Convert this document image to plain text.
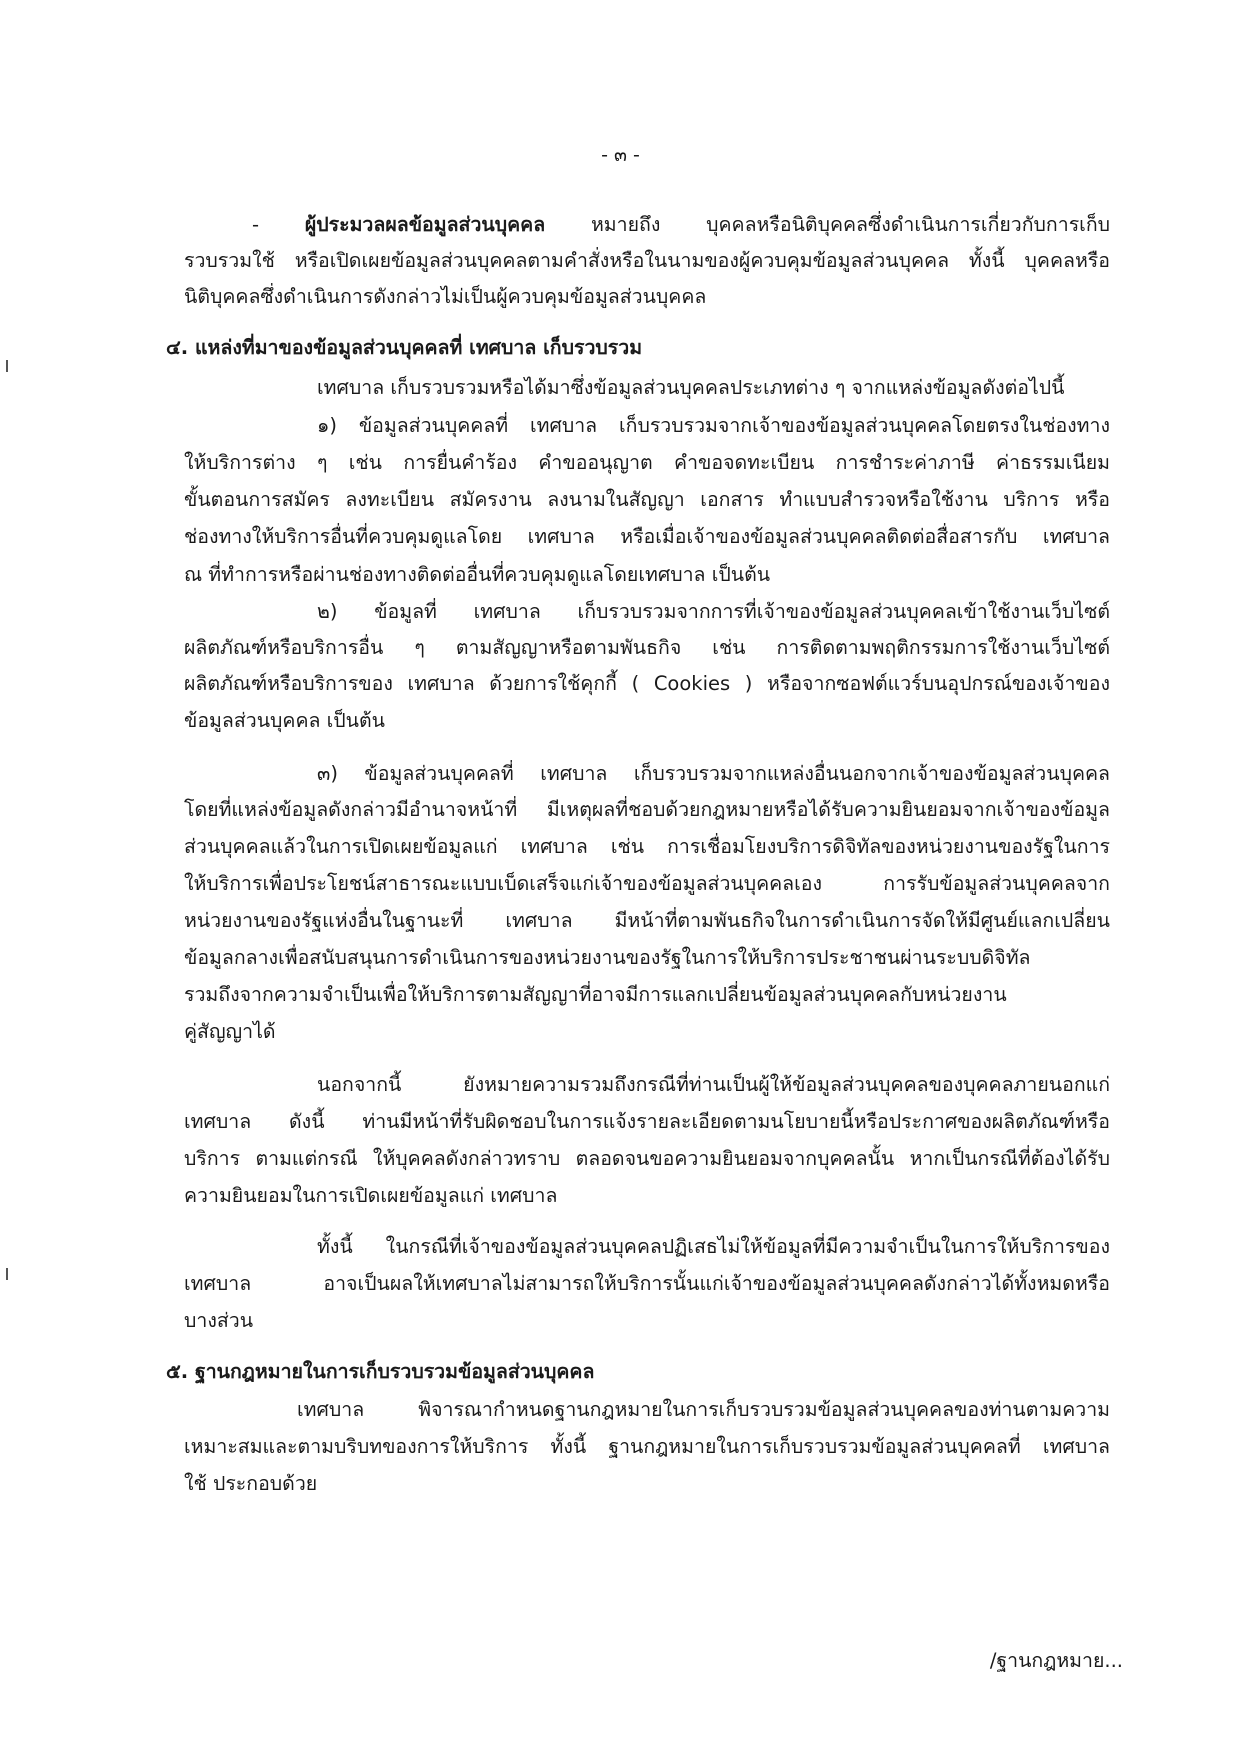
- ๓ -
- ผู้ประมวลผลข้อมูลส่วนบุคคล หมายถึง บุคคลหรือนิติบุคคลซึ่งดำเนินการเกี่ยวกับการเก็บ
รวบรวมใช้ หรือเปิดเผยข้อมูลส่วนบุคคลตามคำสั่งหรือในนามของผู้ควบคุมข้อมูลส่วนบุคคล ทั้งนี้ บุคคลหรือ
นิติบุคคลซึ่งดำเนินการดังกล่าวไม่เป็นผู้ควบคุมข้อมูลส่วนบุคคล
๔. แหล่งที่มาของข้อมูลส่วนบุคคลที่ เทศบาล เก็บรวบรวม
เทศบาล เก็บรวบรวมหรือได้มาซึ่งข้อมูลส่วนบุคคลประเภทต่าง ๆ จากแหล่งข้อมูลดังต่อไปนี้
๑) ข้อมูลส่วนบุคคลที่ เทศบาล เก็บรวบรวมจากเจ้าของข้อมูลส่วนบุคคลโดยตรงในช่องทาง
ให้บริการต่าง ๆ เช่น การยื่นคำร้อง คำขออนุญาต คำขอจดทะเบียน การชำระค่าภาษี ค่าธรรมเนียม
ขั้นตอนการสมัคร ลงทะเบียน สมัครงาน ลงนามในสัญญา เอกสาร ทำแบบสำรวจหรือใช้งาน บริการ หรือ
ช่องทางให้บริการอื่นที่ควบคุมดูแลโดย เทศบาล หรือเมื่อเจ้าของข้อมูลส่วนบุคคลติดต่อสื่อสารกับ เทศบาล
ณ ที่ทำการหรือผ่านช่องทางติดต่ออื่นที่ควบคุมดูแลโดยเทศบาล เป็นต้น
๒) ข้อมูลที่ เทศบาล เก็บรวบรวมจากการที่เจ้าของข้อมูลส่วนบุคคลเข้าใช้งานเว็บไซต์
ผลิตภัณฑ์หรือบริการอื่น ๆ ตามสัญญาหรือตามพันธกิจ เช่น การติดตามพฤติกรรมการใช้งานเว็บไซต์
ผลิตภัณฑ์หรือบริการของ เทศบาล ด้วยการใช้คุกกี้ ( Cookies ) หรือจากซอฟต์แวร์บนอุปกรณ์ของเจ้าของ
ข้อมูลส่วนบุคคล เป็นต้น
๓) ข้อมูลส่วนบุคคลที่ เทศบาล เก็บรวบรวมจากแหล่งอื่นนอกจากเจ้าของข้อมูลส่วนบุคคล
โดยที่แหล่งข้อมูลดังกล่าวมีอำนาจหน้าที่ มีเหตุผลที่ชอบด้วยกฎหมายหรือได้รับความยินยอมจากเจ้าของข้อมูล
ส่วนบุคคลแล้วในการเปิดเผยข้อมูลแก่ เทศบาล เช่น การเชื่อมโยงบริการดิจิทัลของหน่วยงานของรัฐในการ
ให้บริการเพื่อประโยชน์สาธารณะแบบเบ็ดเสร็จแก่เจ้าของข้อมูลส่วนบุคคลเอง การรับข้อมูลส่วนบุคคลจาก
หน่วยงานของรัฐแห่งอื่นในฐานะที่ เทศบาล มีหน้าที่ตามพันธกิจในการดำเนินการจัดให้มีศูนย์แลกเปลี่ยน
ข้อมูลกลางเพื่อสนับสนุนการดำเนินการของหน่วยงานของรัฐในการให้บริการประชาชนผ่านระบบดิจิทัล
รวมถึงจากความจำเป็นเพื่อให้บริการตามสัญญาที่อาจมีการแลกเปลี่ยนข้อมูลส่วนบุคคลกับหน่วยงาน
คู่สัญญาได้
นอกจากนี้ ยังหมายความรวมถึงกรณีที่ท่านเป็นผู้ให้ข้อมูลส่วนบุคคลของบุคคลภายนอกแก่
เทศบาล ดังนี้ ท่านมีหน้าที่รับผิดชอบในการแจ้งรายละเอียดตามนโยบายนี้หรือประกาศของผลิตภัณฑ์หรือ
บริการ ตามแต่กรณี ให้บุคคลดังกล่าวทราบ ตลอดจนขอความยินยอมจากบุคคลนั้น หากเป็นกรณีที่ต้องได้รับ
ความยินยอมในการเปิดเผยข้อมูลแก่ เทศบาล
ทั้งนี้ ในกรณีที่เจ้าของข้อมูลส่วนบุคคลปฏิเสธไม่ให้ข้อมูลที่มีความจำเป็นในการให้บริการของ
เทศบาล อาจเป็นผลให้เทศบาลไม่สามารถให้บริการนั้นแก่เจ้าของข้อมูลส่วนบุคคลดังกล่าวได้ทั้งหมดหรือ
บางส่วน
๕. ฐานกฎหมายในการเก็บรวบรวมข้อมูลส่วนบุคคล
เทศบาล พิจารณากำหนดฐานกฎหมายในการเก็บรวบรวมข้อมูลส่วนบุคคลของท่านตามความ
เหมาะสมและตามบริบทของการให้บริการ ทั้งนี้ ฐานกฎหมายในการเก็บรวบรวมข้อมูลส่วนบุคคลที่ เทศบาล
ใช้ ประกอบด้วย
/ฐานกฎหมาย...
